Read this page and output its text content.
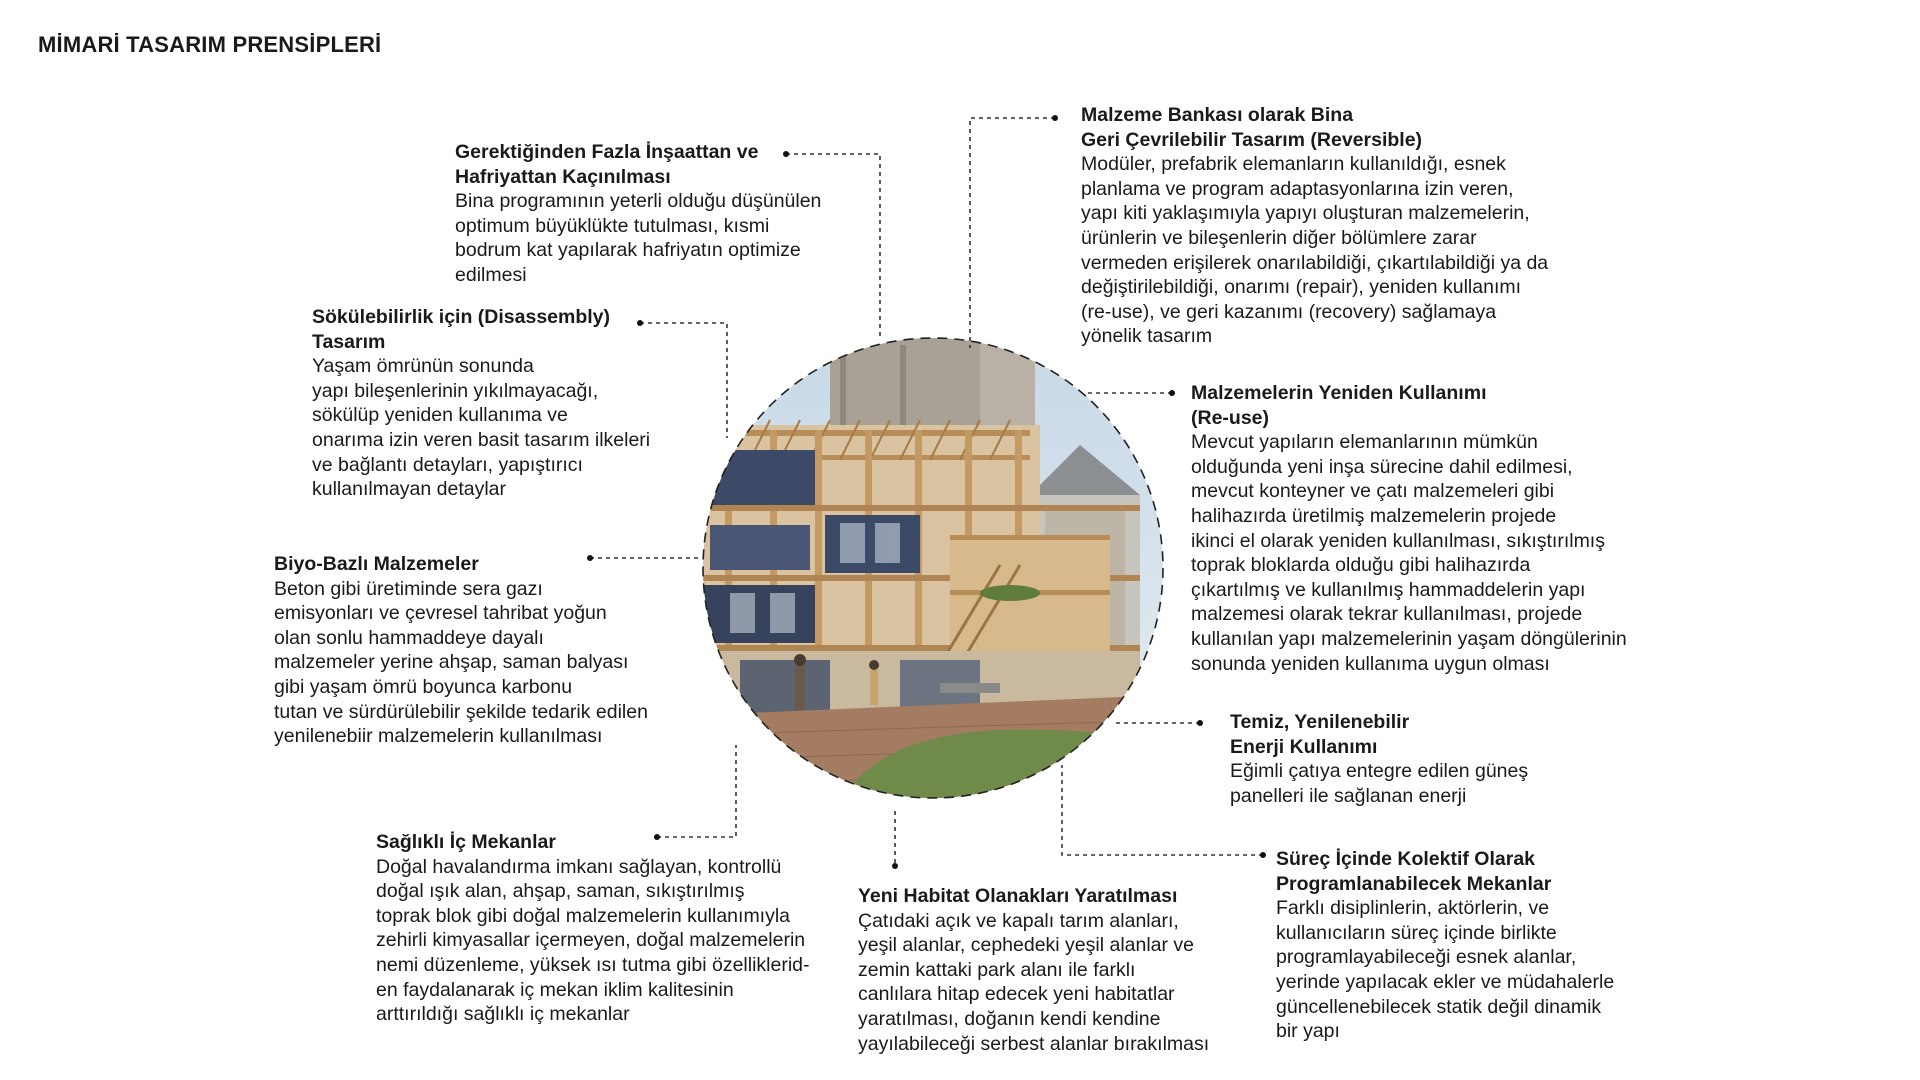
MİMARİ TASARIM PRENSİPLERİ
Gerektiğinden Fazla İnşaattan ve
Hafriyattan Kaçınılması
Bina programının yeterli olduğu düşünülen
optimum büyüklükte tutulması, kısmi
bodrum kat yapılarak hafriyatın optimize
edilmesi
Malzeme Bankası olarak Bina
Geri Çevrilebilir Tasarım (Reversible)
Modüler, prefabrik elemanların kullanıldığı, esnek
planlama ve program adaptasyonlarına izin veren,
yapı kiti yaklaşımıyla yapıyı oluşturan malzemelerin,
ürünlerin ve bileşenlerin diğer bölümlere zarar
vermeden erişilerek onarılabildiği, çıkartılabildiği ya da
değiştirilebildiği, onarımı (repair), yeniden kullanımı
(re-use), ve geri kazanımı (recovery) sağlamaya
yönelik tasarım
Sökülebilirlik için (Disassembly)
Tasarım
Yaşam ömrünün sonunda
yapı bileşenlerinin yıkılmayacağı,
sökülüp yeniden kullanıma ve
onarıma izin veren basit tasarım ilkeleri
ve bağlantı detayları, yapıştırıcı
kullanılmayan detaylar
Malzemelerin Yeniden Kullanımı
(Re-use)
Mevcut yapıların elemanlarının mümkün
olduğunda yeni inşa sürecine dahil edilmesi,
mevcut konteyner ve çatı malzemeleri gibi
halihazırda üretilmiş malzemelerin projede
ikinci el olarak yeniden kullanılması, sıkıştırılmış
toprak bloklarda olduğu gibi halihazırda
çıkartılmış ve kullanılmış hammaddelerin yapı
malzemesi olarak tekrar kullanılması, projede
kullanılan yapı malzemelerinin yaşam döngülerinin
sonunda yeniden kullanıma uygun olması
Biyo-Bazlı Malzemeler
Beton gibi üretiminde sera gazı
emisyonları ve çevresel tahribat yoğun
olan sonlu hammaddeye dayalı
malzemeler yerine ahşap, saman balyası
gibi yaşam ömrü boyunca karbonu
tutan ve sürdürülebilir şekilde tedarik edilen
yenilenebiir malzemelerin kullanılması
Temiz, Yenilenebilir
Enerji Kullanımı
Eğimli çatıya entegre edilen güneş
panelleri ile sağlanan enerji
Sağlıklı İç Mekanlar
Doğal havalandırma imkanı sağlayan, kontrollü
doğal ışık alan, ahşap, saman, sıkıştırılmış
toprak blok gibi doğal malzemelerin kullanımıyla
zehirli kimyasallar içermeyen, doğal malzemelerin
nemi düzenleme, yüksek ısı tutma gibi özelliklerid-
en faydalanarak iç mekan iklim kalitesinin
arttırıldığı sağlıklı iç mekanlar
Yeni Habitat Olanakları Yaratılması
Çatıdaki açık ve kapalı tarım alanları,
yeşil alanlar, cephedeki yeşil alanlar ve
zemin kattaki park alanı ile farklı
canlılara hitap edecek yeni habitatlar
yaratılması, doğanın kendi kendine
yayılabileceği serbest alanlar bırakılması
Süreç İçinde Kolektif Olarak
Programlanabilecek Mekanlar
Farklı disiplinlerin, aktörlerin, ve
kullanıcıların süreç içinde birlikte
programlayabileceği esnek alanlar,
yerinde yapılacak ekler ve müdahalerle
güncellenebilecek statik değil dinamik
bir yapı
